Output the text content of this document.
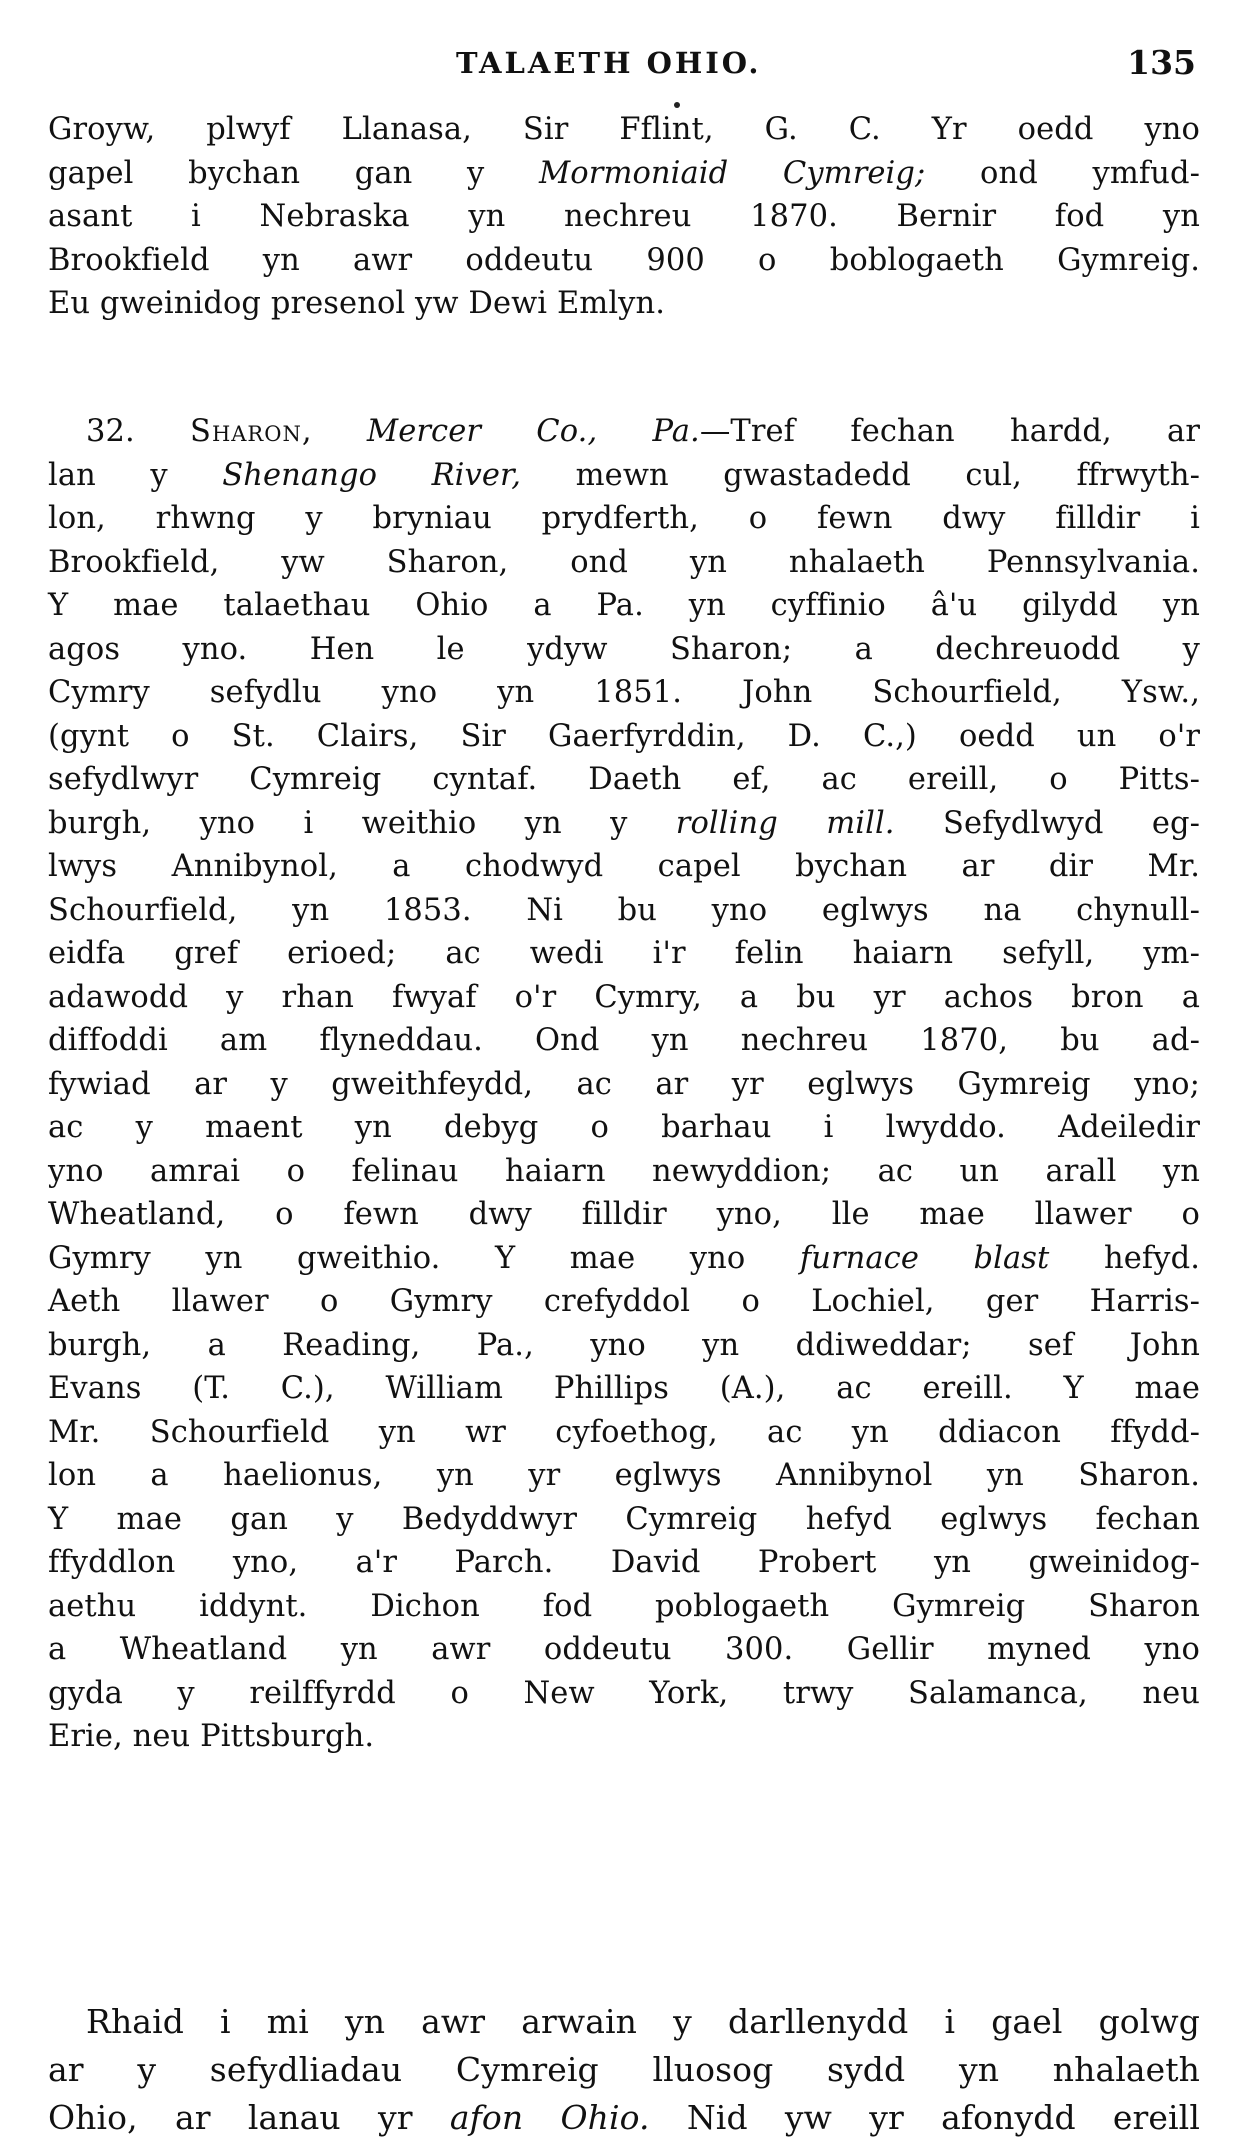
TALAETH OHIO.	135
Groyw, plwyf Llanasa, Sir Fflint, G. C. Yr oedd yno
gapel bychan gan y Mormoniaid Cymreig; ond ymfud-
asant i Nebraska yn nechreu 1870. Bernir fod yn
Brookfield yn awr oddeutu 900 o boblogaeth Gymreig.
Eu gweinidog presenol yw Dewi Emlyn.
32. Sharon, Mercer Co., Pa.—Tref fechan hardd, ar
lan y Shenango River, mewn gwastadedd cul, ffrwyth-
lon, rhwng y bryniau prydferth, o fewn dwy filldir i
Brookfield, yw Sharon, ond yn nhalaeth Pennsylvania.
Y mae talaethau Ohio a Pa. yn cyffinio â'u gilydd yn
agos yno. Hen le ydyw Sharon; a dechreuodd y
Cymry sefydlu yno yn 1851. John Schourfield, Ysw.,
(gynt o St. Clairs, Sir Gaerfyrddin, D. C.,) oedd un o'r
sefydlwyr Cymreig cyntaf. Daeth ef, ac ereill, o Pitts-
burgh, yno i weithio yn y rolling mill. Sefydlwyd eg-
lwys Annibynol, a chodwyd capel bychan ar dir Mr.
Schourfield, yn 1853. Ni bu yno eglwys na chynull-
eidfa gref erioed; ac wedi i'r felin haiarn sefyll, ym-
adawodd y rhan fwyaf o'r Cymry, a bu yr achos bron a
diffoddi am flyneddau. Ond yn nechreu 1870, bu ad-
fywiad ar y gweithfeydd, ac ar yr eglwys Gymreig yno;
ac y maent yn debyg o barhau i lwyddo. Adeiledir
yno amrai o felinau haiarn newyddion; ac un arall yn
Wheatland, o fewn dwy filldir yno, lle mae llawer o
Gymry yn gweithio. Y mae yno furnace blast hefyd.
Aeth llawer o Gymry crefyddol o Lochiel, ger Harris-
burgh, a Reading, Pa., yno yn ddiweddar; sef John
Evans (T. C.), William Phillips (A.), ac ereill. Y mae
Mr. Schourfield yn wr cyfoethog, ac yn ddiacon ffydd-
lon a haelionus, yn yr eglwys Annibynol yn Sharon.
Y mae gan y Bedyddwyr Cymreig hefyd eglwys fechan
ffyddlon yno, a'r Parch. David Probert yn gweinidog-
aethu iddynt. Dichon fod poblogaeth Gymreig Sharon
a Wheatland yn awr oddeutu 300. Gellir myned yno
gyda y reilffyrdd o New York, trwy Salamanca, neu
Erie, neu Pittsburgh.
Rhaid i mi yn awr arwain y darllenydd i gael golwg
ar y sefydliadau Cymreig lluosog sydd yn nhalaeth
Ohio, ar lanau yr afon Ohio. Nid yw yr afonydd ereill
